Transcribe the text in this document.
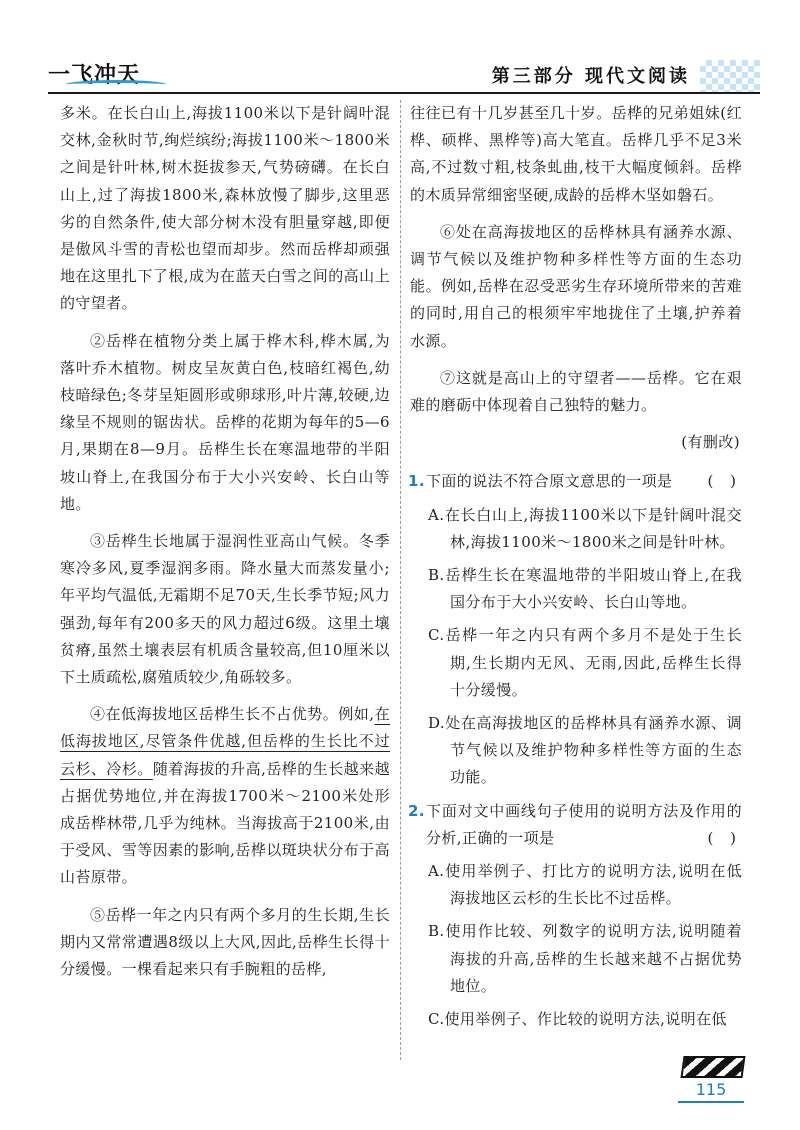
一飞冲天	第三部分 现代文阅读

多米。在长白山上,海拔1100米以下是针阔叶混交林,金秋时节,绚烂缤纷;海拔1100米～1800米之间是针叶林,树木挺拔参天,气势磅礴。在长白山上,过了海拔1800米,森林放慢了脚步,这里恶劣的自然条件,使大部分树木没有胆量穿越,即便是傲风斗雪的青松也望而却步。然而岳桦却顽强地在这里扎下了根,成为在蓝天白雪之间的高山上的守望者。

②岳桦在植物分类上属于桦木科,桦木属,为落叶乔木植物。树皮呈灰黄白色,枝暗红褐色,幼枝暗绿色;冬芽呈矩圆形或卵球形,叶片薄,较硬,边缘呈不规则的锯齿状。岳桦的花期为每年的5—6月,果期在8—9月。岳桦生长在寒温地带的半阳坡山脊上,在我国分布于大小兴安岭、长白山等地。

③岳桦生长地属于湿润性亚高山气候。冬季寒冷多风,夏季湿润多雨。降水量大而蒸发量小;年平均气温低,无霜期不足70天,生长季节短;风力强劲,每年有200多天的风力超过6级。这里土壤贫瘠,虽然土壤表层有机质含量较高,但10厘米以下土质疏松,腐殖质较少,角砾较多。

④在低海拔地区岳桦生长不占优势。例如,在低海拔地区,尽管条件优越,但岳桦的生长比不过云杉、冷杉。随着海拔的升高,岳桦的生长越来越占据优势地位,并在海拔1700米～2100米处形成岳桦林带,几乎为纯林。当海拔高于2100米,由于受风、雪等因素的影响,岳桦以斑块状分布于高山苔原带。

⑤岳桦一年之内只有两个多月的生长期,生长期内又常常遭遇8级以上大风,因此,岳桦生长得十分缓慢。一棵看起来只有手腕粗的岳桦,

往往已有十几岁甚至几十岁。岳桦的兄弟姐妹(红桦、硕桦、黑桦等)高大笔直。岳桦几乎不足3米高,不过数寸粗,枝条虬曲,枝干大幅度倾斜。岳桦的木质异常细密坚硬,成龄的岳桦木坚如磐石。

⑥处在高海拔地区的岳桦林具有涵养水源、调节气候以及维护物种多样性等方面的生态功能。例如,岳桦在忍受恶劣生存环境所带来的苦难的同时,用自己的根须牢牢地拢住了土壤,护养着水源。

⑦这就是高山上的守望者——岳桦。它在艰难的磨砺中体现着自己独特的魅力。

(有删改)

1. 下面的说法不符合原文意思的一项是 ( )

A.在长白山上,海拔1100米以下是针阔叶混交林,海拔1100米～1800米之间是针叶林。

B.岳桦生长在寒温地带的半阳坡山脊上,在我国分布于大小兴安岭、长白山等地。

C.岳桦一年之内只有两个多月不是处于生长期,生长期内无风、无雨,因此,岳桦生长得十分缓慢。

D.处在高海拔地区的岳桦林具有涵养水源、调节气候以及维护物种多样性等方面的生态功能。

2. 下面对文中画线句子使用的说明方法及作用的分析,正确的一项是	( )

A.使用举例子、打比方的说明方法,说明在低海拔地区云杉的生长比不过岳桦。

B.使用作比较、列数字的说明方法,说明随着海拔的升高,岳桦的生长越来越不占据优势地位。

C.使用举例子、作比较的说明方法,说明在低

115
